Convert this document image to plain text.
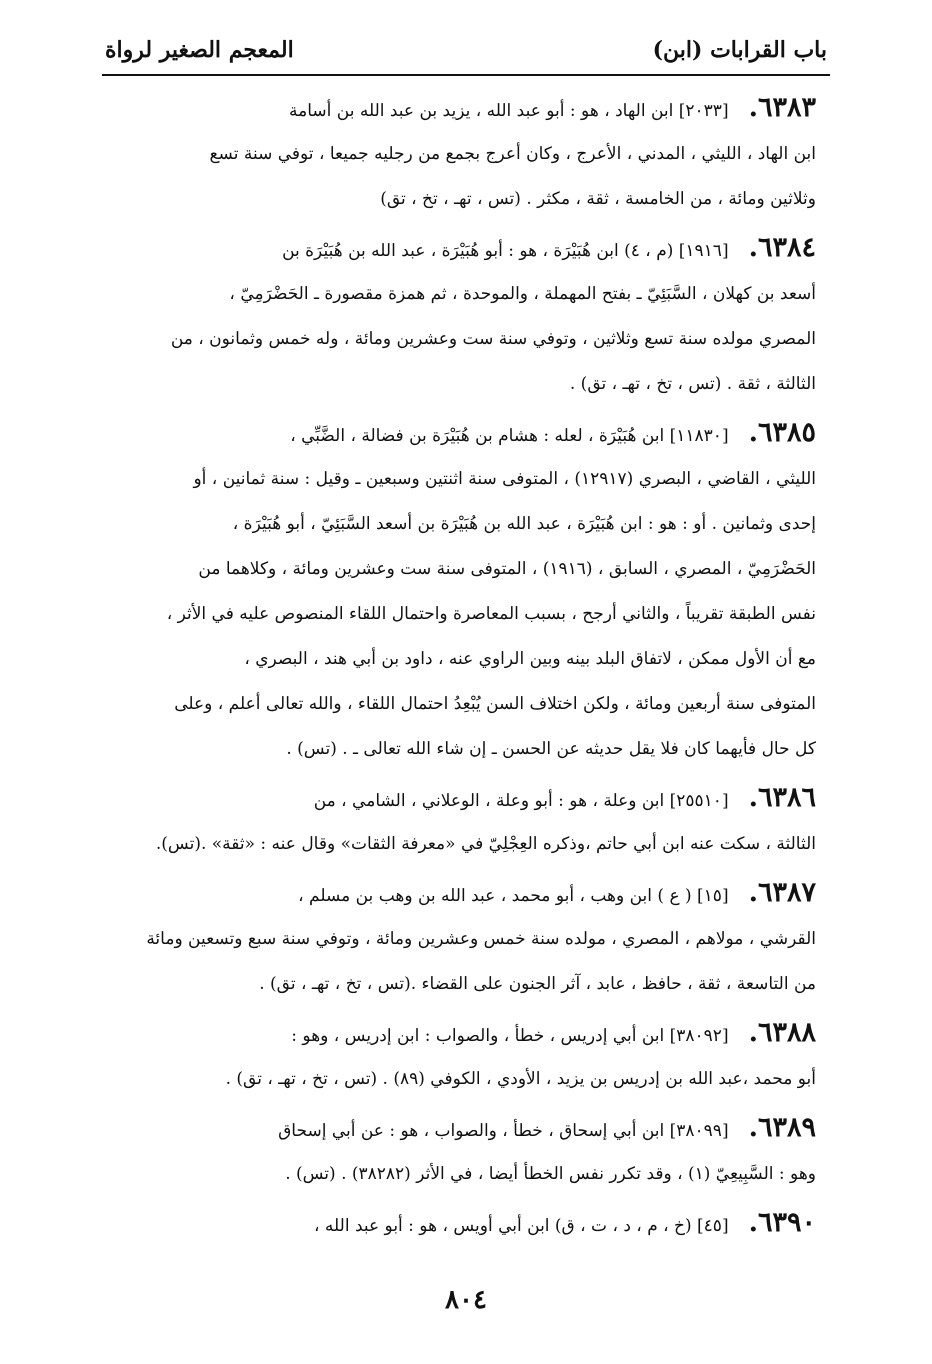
باب القرابات (ابن)
المعجم الصغير لرواة
٦٣٨٣.[٢٠٣٣] ابن الهاد ، هو : أبو عبد الله ، يزيد بن عبد الله بن أسامة
ابن الهاد ، الليثي ، المدني ، الأعرج ، وكان أعرج بجمع من رجليه جميعا ، توفي سنة تسع
وثلاثين ومائة ، من الخامسة ، ثقة ، مكثر . (تس ، تهـ ، تخ ، تق)
٦٣٨٤.[١٩١٦] (م ، ٤) ابن هُبَيْرَة ، هو : أبو هُبَيْرَة ، عبد الله بن هُبَيْرَة بن
أسعد بن كهلان ، السَّبَئِيّ ـ بفتح المهملة ، والموحدة ، ثم همزة مقصورة ـ الحَضْرَمِيّ ،
المصري مولده سنة تسع وثلاثين ، وتوفي سنة ست وعشرين ومائة ، وله خمس وثمانون ، من
الثالثة ، ثقة . (تس ، تخ ، تهـ ، تق) .
٦٣٨٥.[١١٨٣٠] ابن هُبَيْرَة ، لعله : هشام بن هُبَيْرَة بن فضالة ، الضَّبِّي ،
الليثي ، القاضي ، البصري (١٢٩١٧) ، المتوفى سنة اثنتين وسبعين ـ وقيل : سنة ثمانين ، أو
إحدى وثمانين . أو : هو : ابن هُبَيْرَة ، عبد الله بن هُبَيْرَة بن أسعد السَّبَئِيّ ، أبو هُبَيْرَة ،
الحَضْرَمِيّ ، المصري ، السابق ، (١٩١٦) ، المتوفى سنة ست وعشرين ومائة ، وكلاهما من
نفس الطبقة تقريباً ، والثاني أرجح ، بسبب المعاصرة واحتمال اللقاء المنصوص عليه في الأثر ،
مع أن الأول ممكن ، لاتفاق البلد بينه وبين الراوي عنه ، داود بن أبي هند ، البصري ،
المتوفى سنة أربعين ومائة ، ولكن اختلاف السن يُبْعِدُ احتمال اللقاء ، والله تعالى أعلم ، وعلى
كل حال فأيهما كان فلا يقل حديثه عن الحسن ـ إن شاء الله تعالى ـ . (تس) .
٦٣٨٦.[٢٥٥١٠] ابن وعلة ، هو : أبو وعلة ، الوعلاني ، الشامي ، من
الثالثة ، سكت عنه ابن أبي حاتم ،وذكره العِجْلِيّ في «معرفة الثقات» وقال عنه : «ثقة» .(تس).
٦٣٨٧.[١٥] ( ع ) ابن وهب ، أبو محمد ، عبد الله بن وهب بن مسلم ،
القرشي ، مولاهم ، المصري ، مولده سنة خمس وعشرين ومائة ، وتوفي سنة سبع وتسعين ومائة
من التاسعة ، ثقة ، حافظ ، عابد ، آثر الجنون على القضاء .(تس ، تخ ، تهـ ، تق) .
٦٣٨٨.[٣٨٠٩٢] ابن أبي إدريس ، خطأ ، والصواب : ابن إدريس ، وهو :
أبو محمد ،عبد الله بن إدريس بن يزيد ، الأودي ، الكوفي (٨٩) . (تس ، تخ ، تهـ ، تق) .
٦٣٨٩.[٣٨٠٩٩] ابن أبي إسحاق ، خطأ ، والصواب ، هو : عن أبي إسحاق
وهو : السَّبِيعِيّ (١) ، وقد تكرر نفس الخطأ أيضا ، في الأثر (٣٨٢٨٢) . (تس) .
٦٣٩٠.[٤٥] (خ ، م ، د ، ت ، ق) ابن أبي أويس ، هو : أبو عبد الله ،
٨٠٤
